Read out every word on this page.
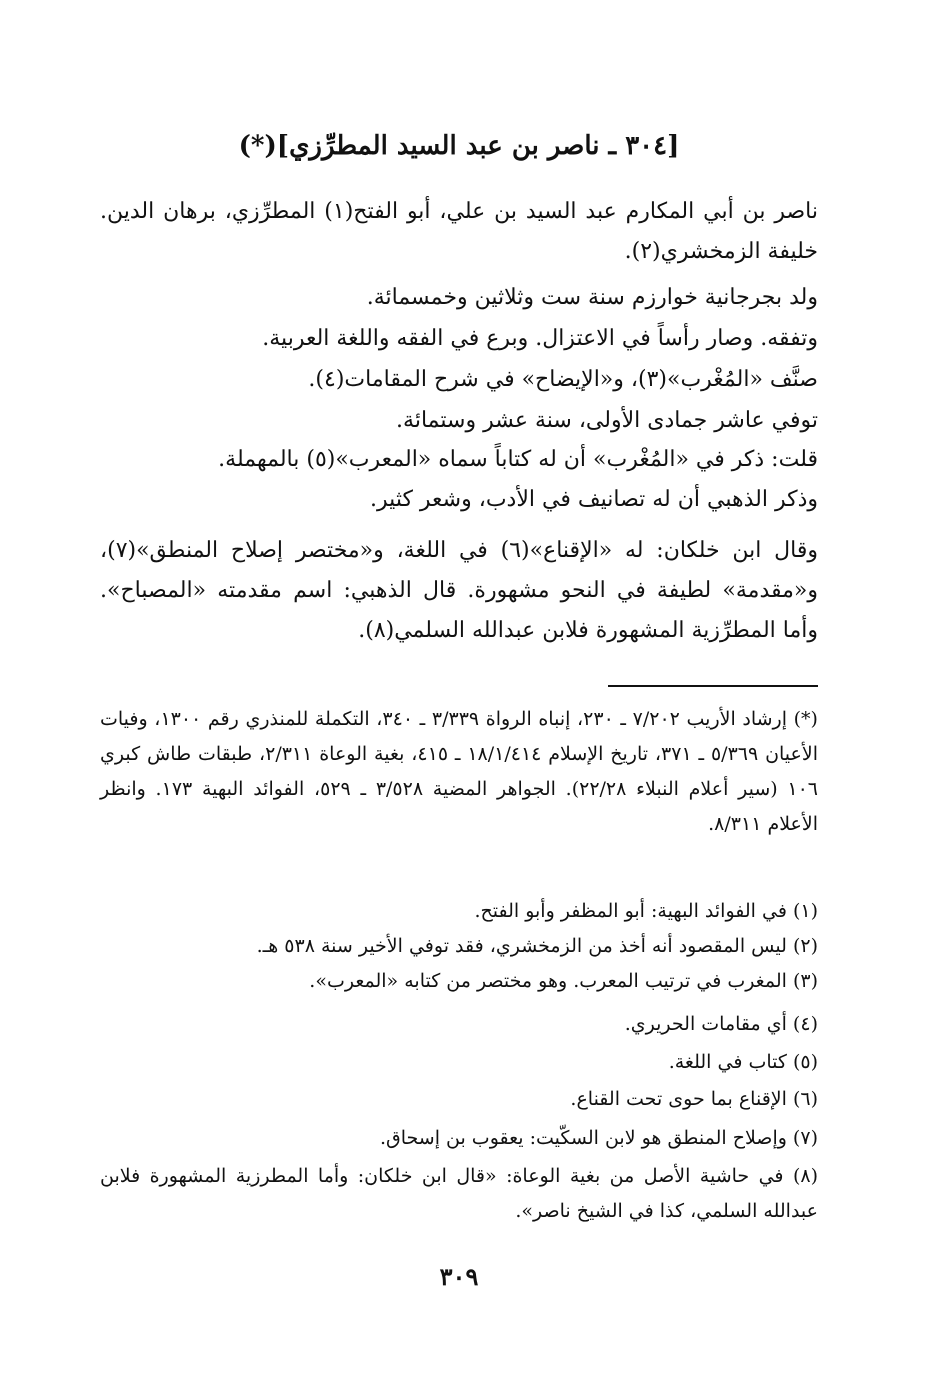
[٣٠٤ ـ ناصر بن عبد السيد المطرِّزي](*)
ناصر بن أبي المكارم عبد السيد بن علي، أبو الفتح(١) المطرِّزي، برهان الدين. خليفة الزمخشري(٢).
ولد بجرجانية خوارزم سنة ست وثلاثين وخمسمائة.
وتفقه. وصار رأساً في الاعتزال. وبرع في الفقه واللغة العربية.
صنَّف «المُغْرب»(٣)، و«الإيضاح» في شرح المقامات(٤).
توفي عاشر جمادى الأولى، سنة عشر وستمائة.
قلت: ذكر في «المُغْرب» أن له كتاباً سماه «المعرب»(٥) بالمهملة.
وذكر الذهبي أن له تصانيف في الأدب، وشعر كثير.
وقال ابن خلكان: له «الإقناع»(٦) في اللغة، و«مختصر إصلاح المنطق»(٧)، و«مقدمة» لطيفة في النحو مشهورة. قال الذهبي: اسم مقدمته «المصباح». وأما المطرِّزية المشهورة فلابن عبدالله السلمي(٨).
(*) إرشاد الأريب ٧/٢٠٢ ـ ٢٣٠، إنباه الرواة ٣/٣٣٩ ـ ٣٤٠، التكملة للمنذري رقم ١٣٠٠، وفيات الأعيان ٥/٣٦٩ ـ ٣٧١، تاريخ الإسلام ١٨/١/٤١٤ ـ ٤١٥، بغية الوعاة ٢/٣١١، طبقات طاش كبري ١٠٦ (سير أعلام النبلاء ٢٢/٢٨). الجواهر المضية ٣/٥٢٨ ـ ٥٢٩، الفوائد البهية ١٧٣. وانظر الأعلام ٨/٣١١.
(١) في الفوائد البهية: أبو المظفر وأبو الفتح.
(٢) ليس المقصود أنه أخذ من الزمخشري، فقد توفي الأخير سنة ٥٣٨ هـ.
(٣) المغرب في ترتيب المعرب. وهو مختصر من كتابه «المعرب».
(٤) أي مقامات الحريري.
(٥) كتاب في اللغة.
(٦) الإقناع بما حوى تحت القناع.
(٧) وإصلاح المنطق هو لابن السكّيت: يعقوب بن إسحاق.
(٨) في حاشية الأصل من بغية الوعاة: «قال ابن خلكان: وأما المطرزية المشهورة فلابن عبدالله السلمي، كذا في الشيخ ناصر».
٣٠٩
